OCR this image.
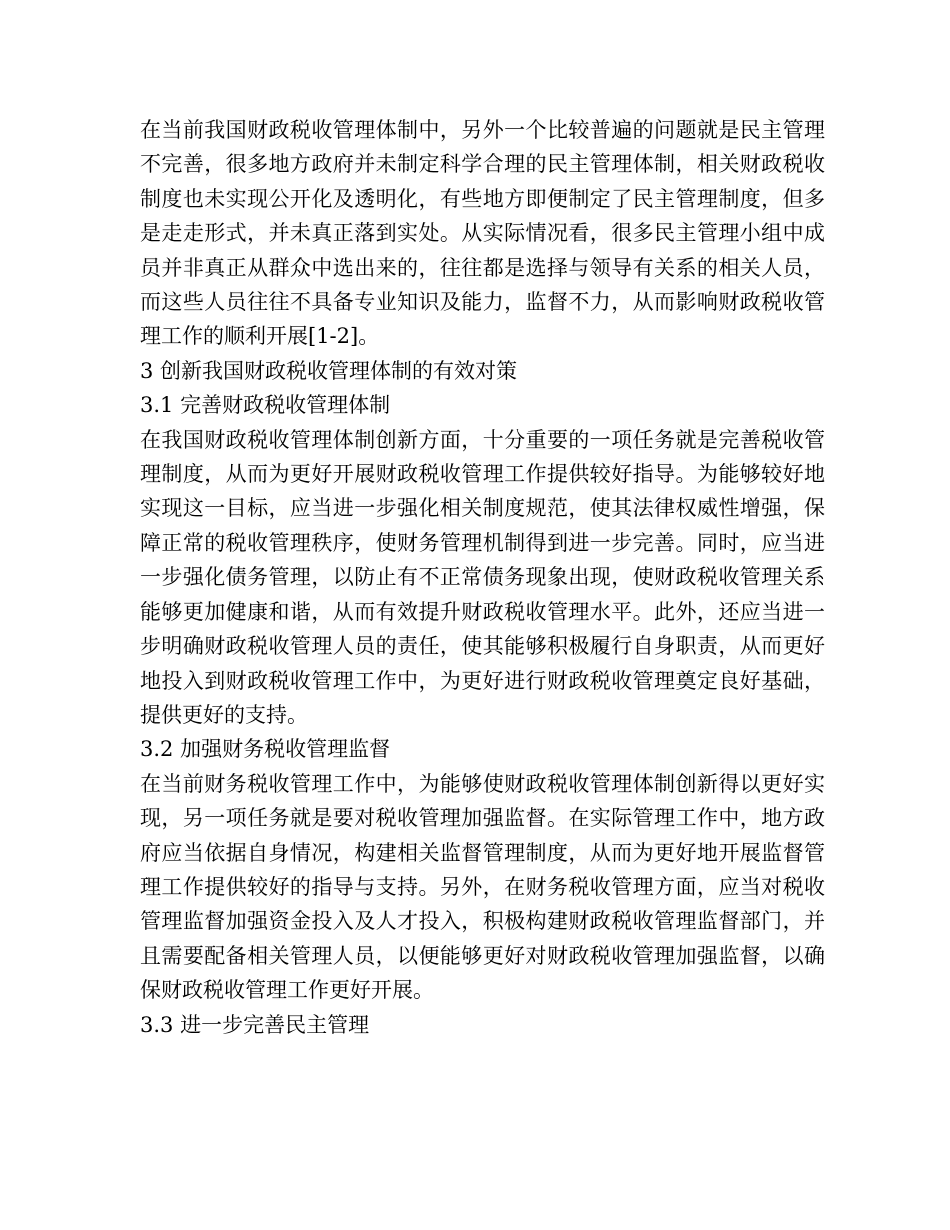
在当前我国财政税收管理体制中，另外一个比较普遍的问题就是民主管理不完善，很多地方政府并未制定科学合理的民主管理体制，相关财政税收制度也未实现公开化及透明化，有些地方即便制定了民主管理制度，但多是走走形式，并未真正落到实处。从实际情况看，很多民主管理小组中成员并非真正从群众中选出来的，往往都是选择与领导有关系的相关人员，而这些人员往往不具备专业知识及能力，监督不力，从而影响财政税收管理工作的顺利开展[1-2]。

3 创新我国财政税收管理体制的有效对策
3.1 完善财政税收管理体制

在我国财政税收管理体制创新方面，十分重要的一项任务就是完善税收管理制度，从而为更好开展财政税收管理工作提供较好指导。为能够较好地实现这一目标，应当进一步强化相关制度规范，使其法律权威性增强，保障正常的税收管理秩序，使财务管理机制得到进一步完善。同时，应当进一步强化债务管理，以防止有不正常债务现象出现，使财政税收管理关系能够更加健康和谐，从而有效提升财政税收管理水平。此外，还应当进一步明确财政税收管理人员的责任，使其能够积极履行自身职责，从而更好地投入到财政税收管理工作中，为更好进行财政税收管理奠定良好基础，提供更好的支持。

3.2 加强财务税收管理监督

在当前财务税收管理工作中，为能够使财政税收管理体制创新得以更好实现，另一项任务就是要对税收管理加强监督。在实际管理工作中，地方政府应当依据自身情况，构建相关监督管理制度，从而为更好地开展监督管理工作提供较好的指导与支持。另外，在财务税收管理方面，应当对税收管理监督加强资金投入及人才投入，积极构建财政税收管理监督部门，并且需要配备相关管理人员，以便能够更好对财政税收管理加强监督，以确保财政税收管理工作更好开展。

3.3 进一步完善民主管理
